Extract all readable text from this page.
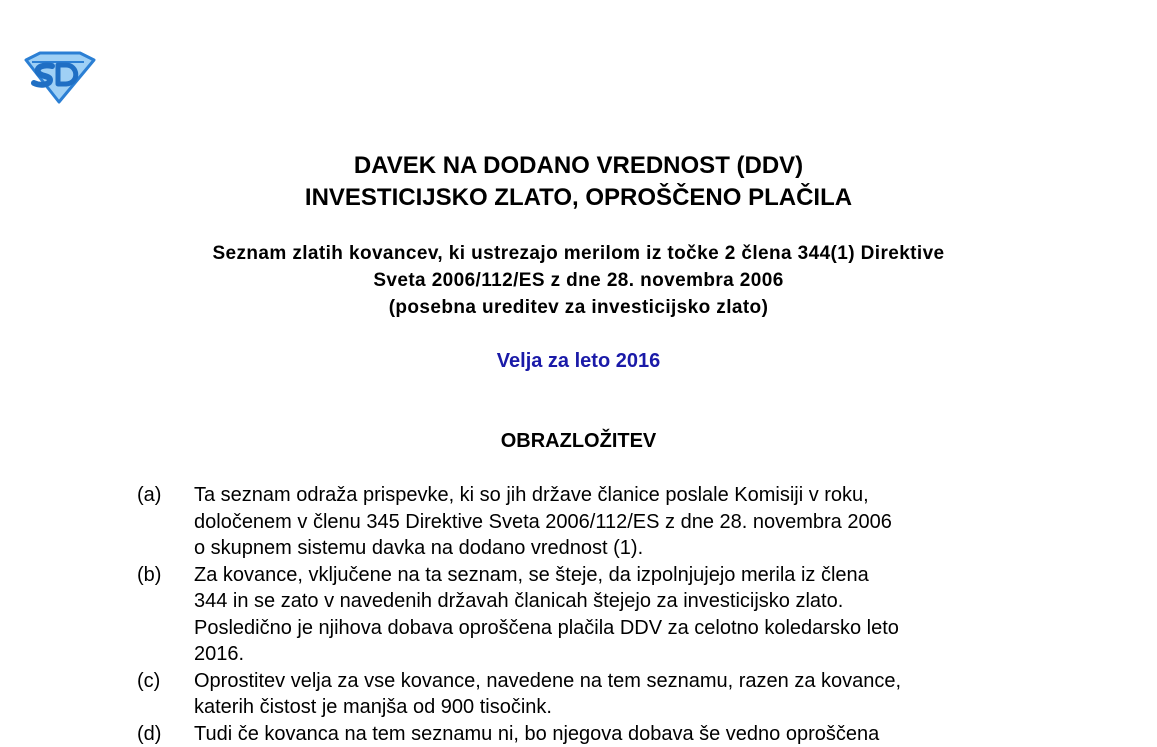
DAVEK NA DODANO VREDNOST (DDV)
INVESTICIJSKO ZLATO, OPROŠČENO PLAČILA

Seznam zlatih kovancev, ki ustrezajo merilom iz točke 2 člena 344(1) Direktive
Sveta 2006/112/ES z dne 28. novembra 2006
(posebna ureditev za investicijsko zlato)

Velja za leto 2016

OBRAZLOŽITEV
(a)	Ta seznam odraža prispevke, ki so jih države članice poslale Komisiji v roku,
določenem v členu 345 Direktive Sveta 2006/112/ES z dne 28. novembra 2006
o skupnem sistemu davka na dodano vrednost (1).
(b)	Za kovance, vključene na ta seznam, se šteje, da izpolnjujejo merila iz člena
344 in se zato v navedenih državah članicah štejejo za investicijsko zlato.
Posledično je njihova dobava oproščena plačila DDV za celotno koledarsko leto
2016.
(c)	Oprostitev velja za vse kovance, navedene na tem seznamu, razen za kovance,
katerih čistost je manjša od 900 tisočink.
(d)	Tudi če kovanca na tem seznamu ni, bo njegova dobava še vedno oproščena
